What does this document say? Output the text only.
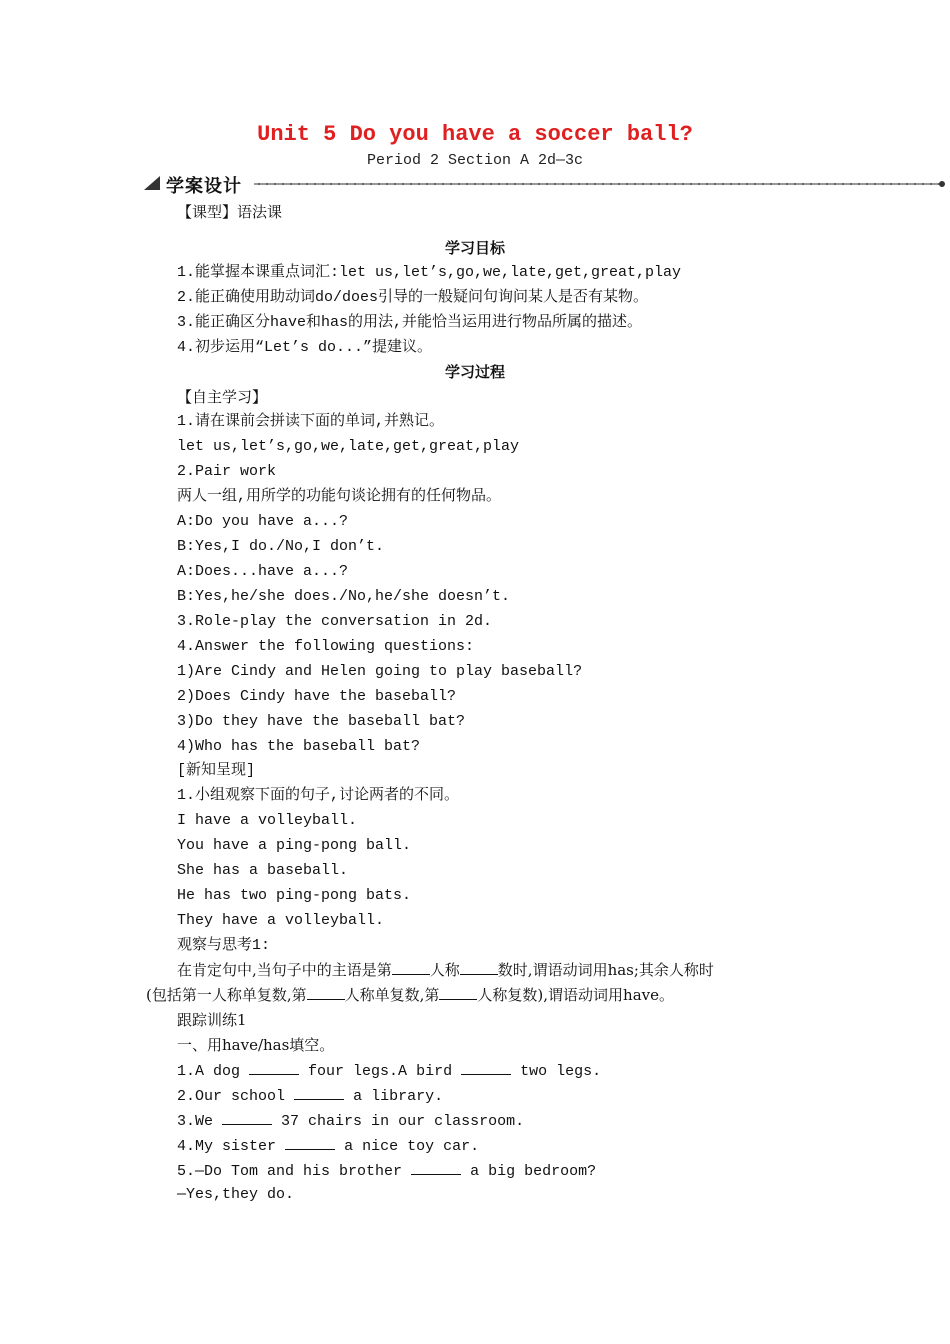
Unit 5 Do you have a soccer ball?
Period 2 Section A 2d—3c
学案设计
【课型】语法课
学习目标
1.能掌握本课重点词汇:let us,let’s,go,we,late,get,great,play
2.能正确使用助动词do/does引导的一般疑问句询问某人是否有某物。
3.能正确区分have和has的用法,并能恰当运用进行物品所属的描述。
4.初步运用“Let’s do...”提建议。
学习过程
【自主学习】
1.请在课前会拼读下面的单词,并熟记。
let us,let’s,go,we,late,get,great,play
2.Pair work
两人一组,用所学的功能句谈论拥有的任何物品。
A:Do you have a...?
B:Yes,I do./No,I don’t.
A:Does...have a...?
B:Yes,he/she does./No,he/she doesn’t.
3.Role-play the conversation in 2d.
4.Answer the following questions:
1)Are Cindy and Helen going to play baseball?
2)Does Cindy have the baseball?
3)Do they have the baseball bat?
4)Who has the baseball bat?
[新知呈现]
1.小组观察下面的句子,讨论两者的不同。
I have a volleyball.
You have a ping-pong ball.
She has a baseball.
He has two ping-pong bats.
They have a volleyball.
观察与思考1:
在肯定句中,当句子中的主语是第	人称	数时,谓语动词用has;其余人称时
(包括第一人称单复数,第	人称单复数,第	人称复数),谓语动词用have。
跟踪训练1
一、用have/has填空。
1.A dog	four legs.A bird	two legs.
2.Our school	a library.
3.We	37 chairs in our classroom.
4.My sister	a nice toy car.
5.—Do Tom and his brother	a big bedroom?
—Yes,they do.
